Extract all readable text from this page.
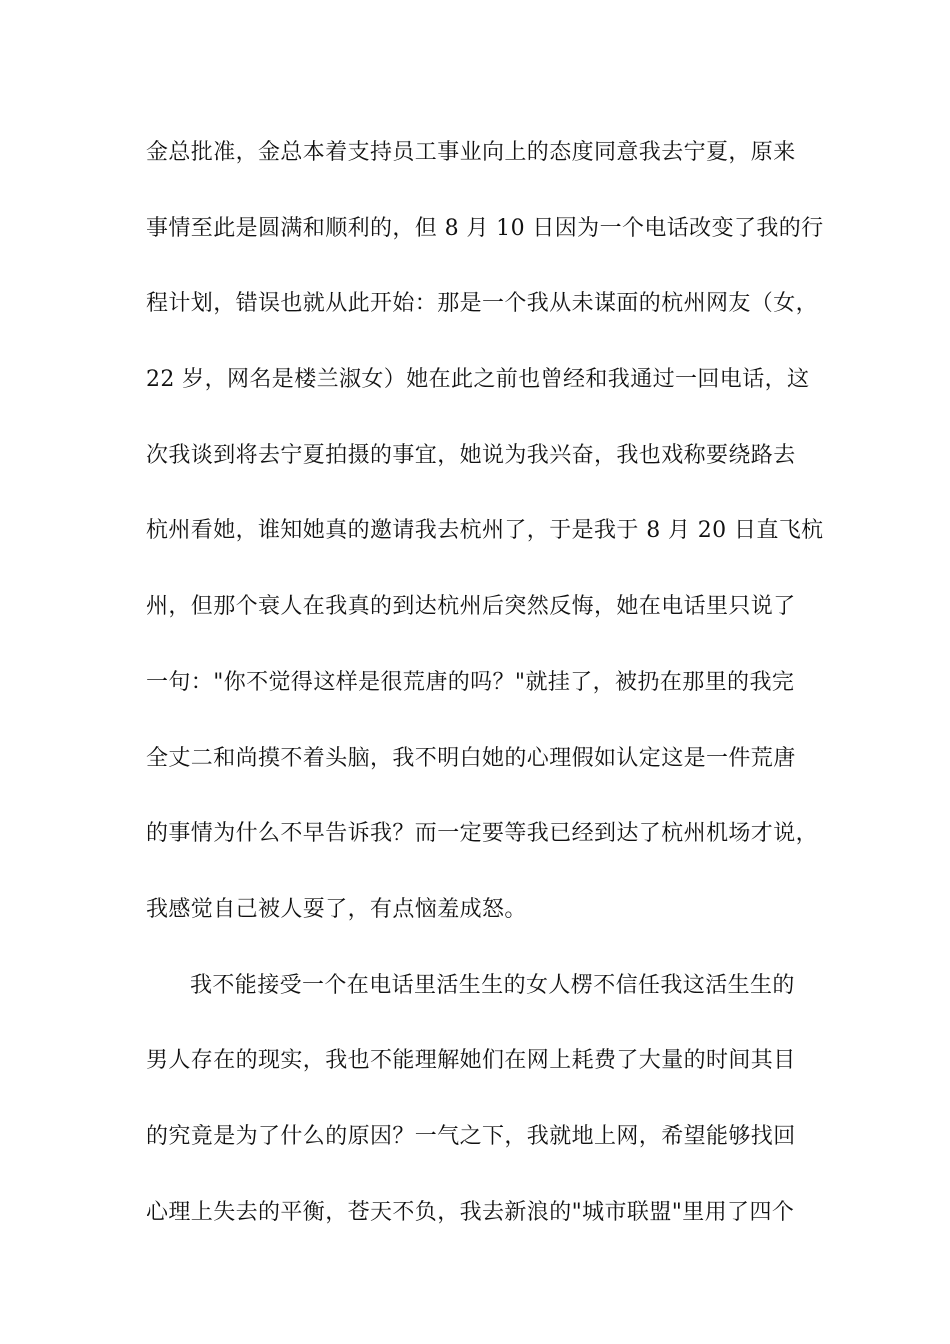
金总批准，金总本着支持员工事业向上的态度同意我去宁夏，原来
事情至此是圆满和顺利的，但 8 月 10 日因为一个电话改变了我的行
程计划，错误也就从此开始：那是一个我从未谋面的杭州网友（女，
22 岁，网名是楼兰淑女）她在此之前也曾经和我通过一回电话，这
次我谈到将去宁夏拍摄的事宜，她说为我兴奋，我也戏称要绕路去
杭州看她，谁知她真的邀请我去杭州了，于是我于 8 月 20 日直飞杭
州，但那个衰人在我真的到达杭州后突然反悔，她在电话里只说了
一句："你不觉得这样是很荒唐的吗？"就挂了，被扔在那里的我完
全丈二和尚摸不着头脑，我不明白她的心理假如认定这是一件荒唐
的事情为什么不早告诉我？而一定要等我已经到达了杭州机场才说，
我感觉自己被人耍了，有点恼羞成怒。
我不能接受一个在电话里活生生的女人楞不信任我这活生生的
男人存在的现实，我也不能理解她们在网上耗费了大量的时间其目
的究竟是为了什么的原因？一气之下，我就地上网，希望能够找回
心理上失去的平衡，苍天不负，我去新浪的"城市联盟"里用了四个
